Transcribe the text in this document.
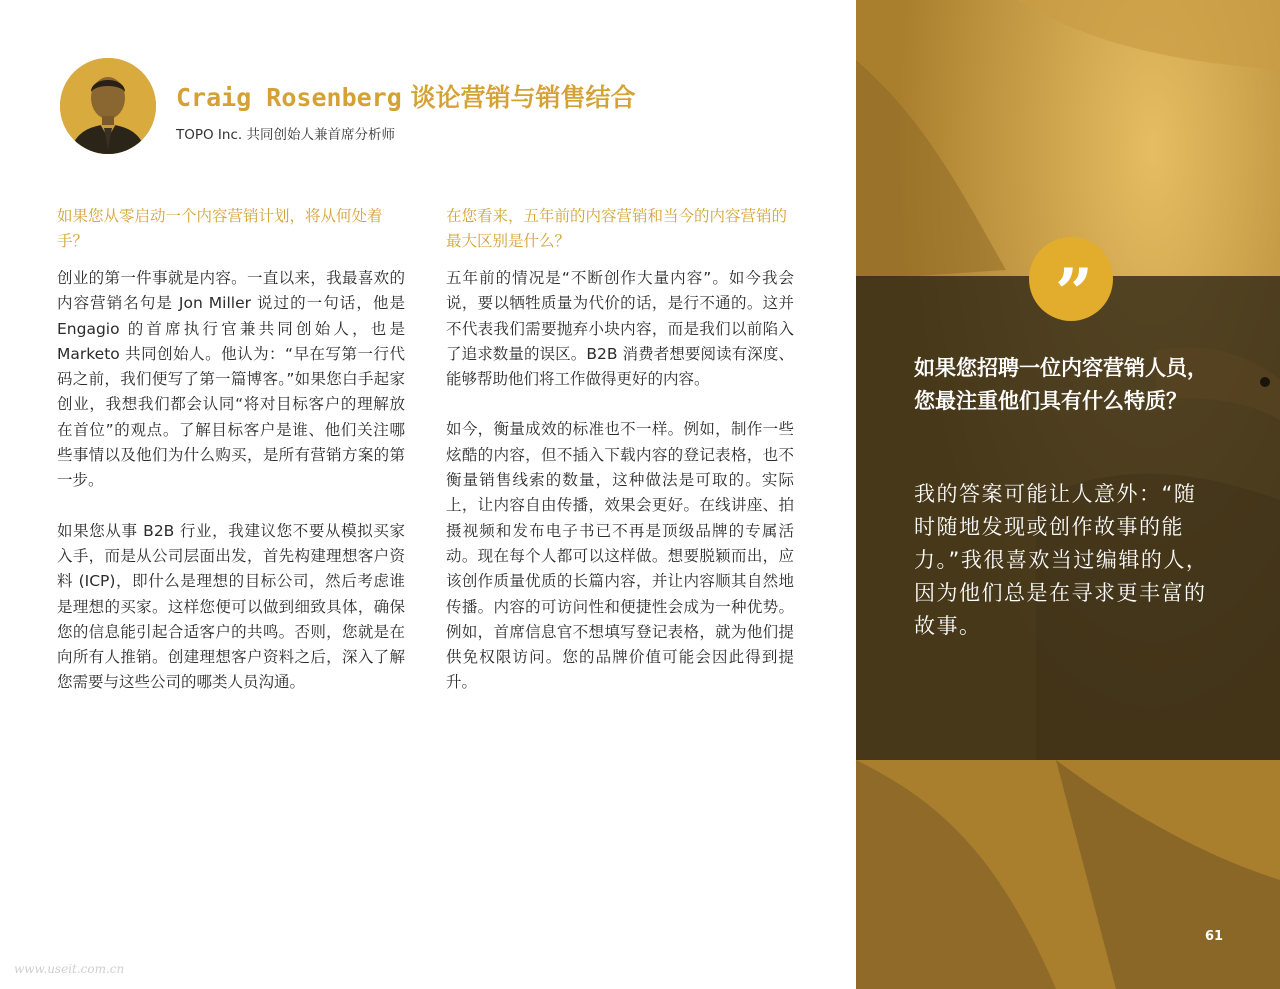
Craig Rosenberg 谈论营销与销售结合

TOPO Inc. 共同创始人兼首席分析师

如果您从零启动一个内容营销计划，将从何处着手？

创业的第一件事就是内容。一直以来，我最喜欢的内容营销名句是 Jon Miller 说过的一句话，他是 Engagio 的首席执行官兼共同创始人，也是 Marketo 共同创始人。他认为：“早在写第一行代码之前，我们便写了第一篇博客。”如果您白手起家创业，我想我们都会认同“将对目标客户的理解放在首位”的观点。了解目标客户是谁、他们关注哪些事情以及他们为什么购买，是所有营销方案的第一步。

如果您从事 B2B 行业，我建议您不要从模拟买家入手，而是从公司层面出发，首先构建理想客户资料 (ICP)，即什么是理想的目标公司，然后考虑谁是理想的买家。这样您便可以做到细致具体，确保您的信息能引起合适客户的共鸣。否则，您就是在向所有人推销。创建理想客户资料之后，深入了解您需要与这些公司的哪类人员沟通。

在您看来，五年前的内容营销和当今的内容营销的最大区别是什么？

五年前的情况是“不断创作大量内容”。如今我会说，要以牺牲质量为代价的话，是行不通的。这并不代表我们需要抛弃小块内容，而是我们以前陷入了追求数量的误区。B2B 消费者想要阅读有深度、能够帮助他们将工作做得更好的内容。

如今，衡量成效的标准也不一样。例如，制作一些炫酷的内容，但不插入下载内容的登记表格，也不衡量销售线索的数量，这种做法是可取的。实际上，让内容自由传播，效果会更好。在线讲座、拍摄视频和发布电子书已不再是顶级品牌的专属活动。现在每个人都可以这样做。想要脱颖而出，应该创作质量优质的长篇内容，并让内容顺其自然地传播。内容的可访问性和便捷性会成为一种优势。例如，首席信息官不想填写登记表格，就为他们提供免权限访问。您的品牌价值可能会因此得到提升。

”

如果您招聘一位内容营销人员，您最注重他们具有什么特质？

我的答案可能让人意外：“随时随地发现或创作故事的能力。”我很喜欢当过编辑的人，因为他们总是在寻求更丰富的故事。

61

www.useit.com.cn
